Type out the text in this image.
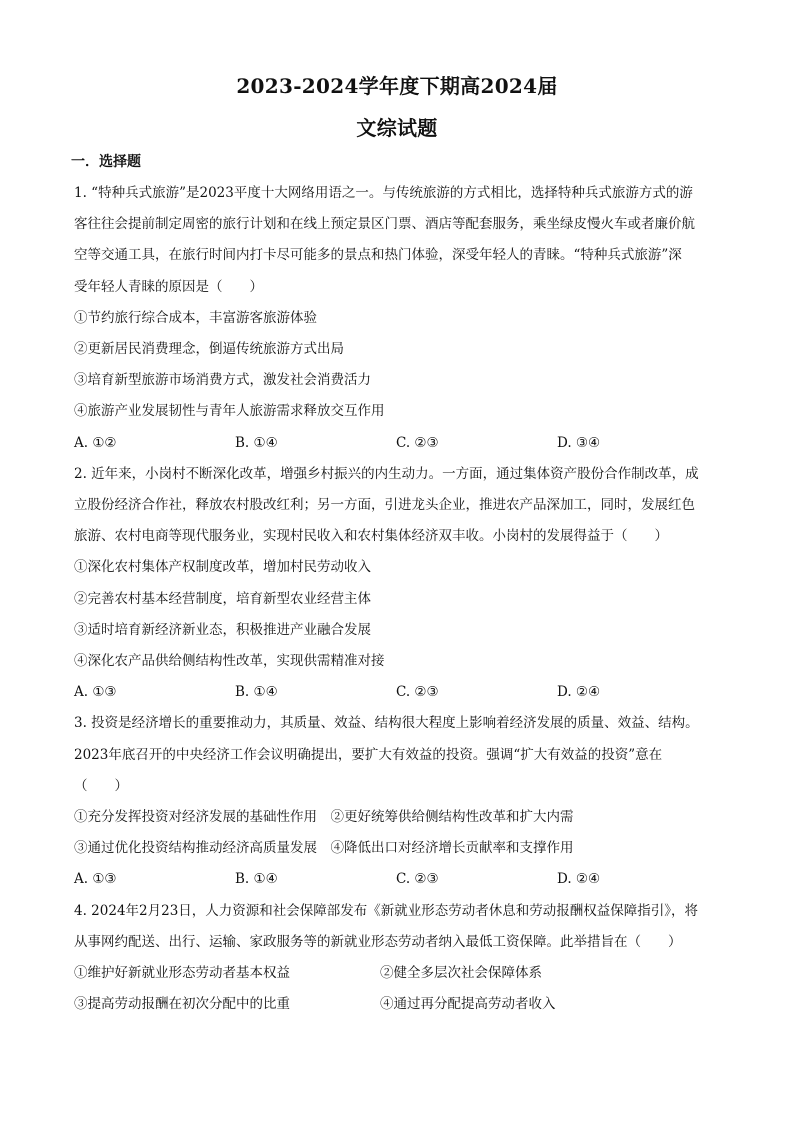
2023-2024学年度下期高2024届
文综试题
一．选择题

1. “特种兵式旅游”是2023平度十大网络用语之一。与传统旅游的方式相比，选择特种兵式旅游方式的游

客往往会提前制定周密的旅行计划和在线上预定景区门票、酒店等配套服务，乘坐绿皮慢火车或者廉价航

空等交通工具，在旅行时间内打卡尽可能多的景点和热门体验，深受年轻人的青睐。“特种兵式旅游”深

受年轻人青睐的原因是（　　）

①节约旅行综合成本，丰富游客旅游体验

②更新居民消费理念，倒逼传统旅游方式出局

③培育新型旅游市场消费方式，激发社会消费活力

④旅游产业发展韧性与青年人旅游需求释放交互作用

A. ①②	B. ①④	C. ②③	D. ③④

2. 近年来，小岗村不断深化改革，增强乡村振兴的内生动力。一方面，通过集体资产股份合作制改革，成

立股份经济合作社，释放农村股改红利；另一方面，引进龙头企业，推进农产品深加工，同时，发展红色

旅游、农村电商等现代服务业，实现村民收入和农村集体经济双丰收。小岗村的发展得益于（　　）

①深化农村集体产权制度改革，增加村民劳动收入

②完善农村基本经营制度，培育新型农业经营主体

③适时培育新经济新业态，积极推进产业融合发展

④深化农产品供给侧结构性改革，实现供需精准对接

A. ①③	B. ①④	C. ②③	D. ②④

3. 投资是经济增长的重要推动力，其质量、效益、结构很大程度上影响着经济发展的质量、效益、结构。

2023年底召开的中央经济工作会议明确提出，要扩大有效益的投资。强调“扩大有效益的投资”意在

（　　）

①充分发挥投资对经济发展的基础性作用　②更好统筹供给侧结构性改革和扩大内需

③通过优化投资结构推动经济高质量发展　④降低出口对经济增长贡献率和支撑作用

A. ①③	B. ①④	C. ②③	D. ②④

4. 2024年2月23日，人力资源和社会保障部发布《新就业形态劳动者休息和劳动报酬权益保障指引》，将

从事网约配送、出行、运输、家政服务等的新就业形态劳动者纳入最低工资保障。此举措旨在（　　）

①维护好新就业形态劳动者基本权益	②健全多层次社会保障体系
③提高劳动报酬在初次分配中的比重	④通过再分配提高劳动者收入
